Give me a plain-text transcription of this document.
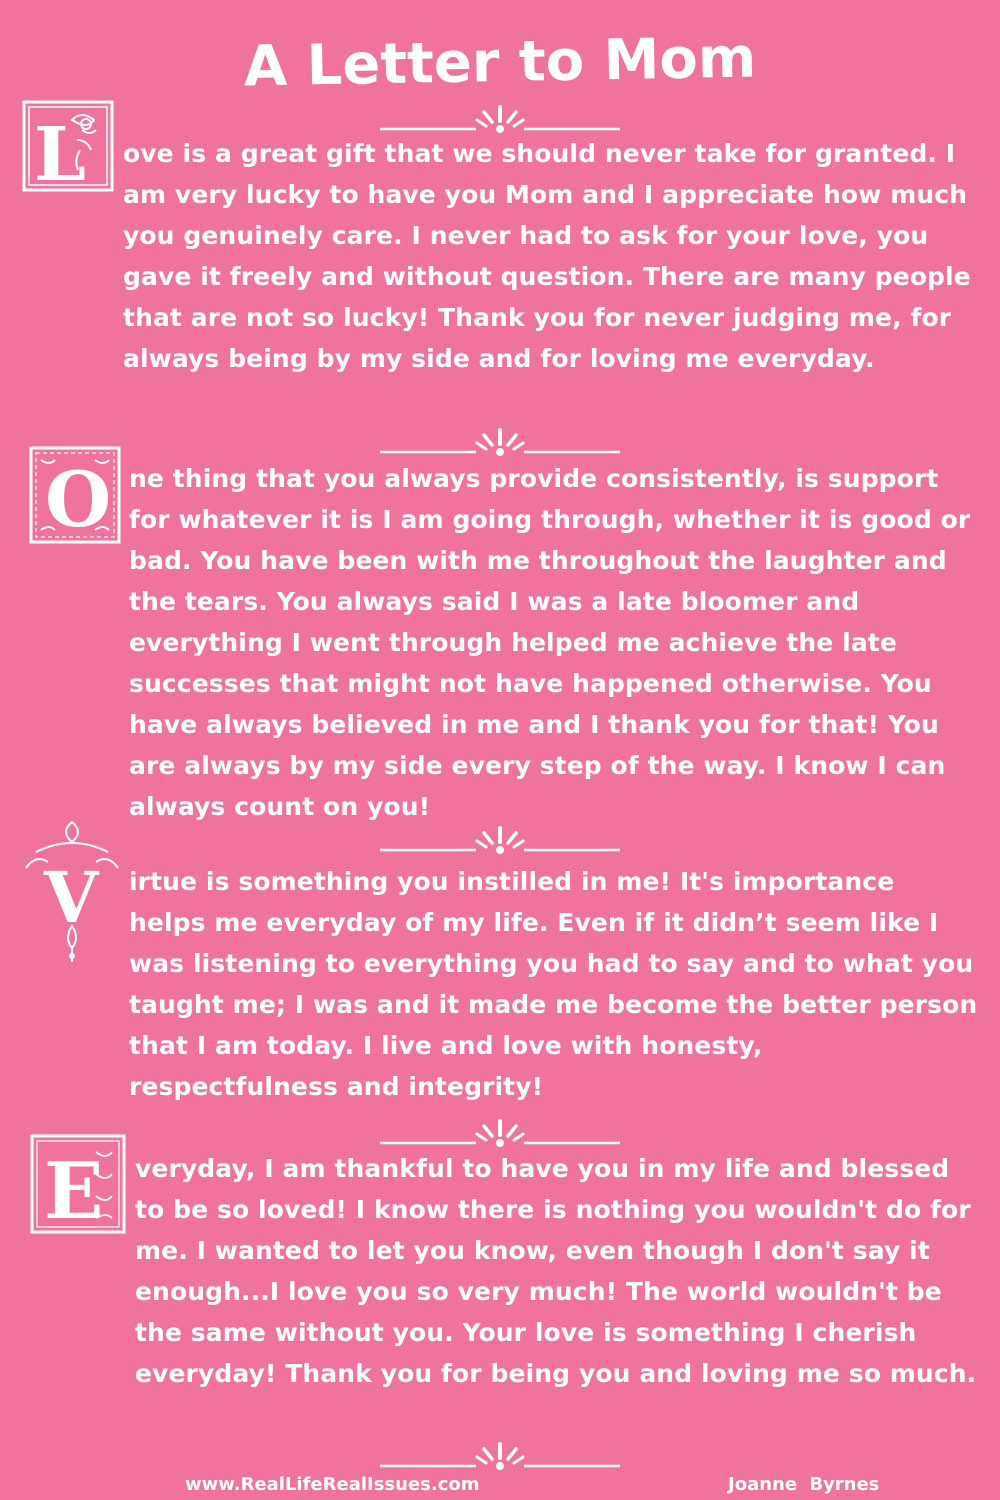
A Letter to Mom
L ove is a great gift that we should never take for granted. I am very lucky to have you Mom and I appreciate how much you genuinely care. I never had to ask for your love, you gave it freely and without question. There are many people that are not so lucky! Thank you for never judging me, for always being by my side and for loving me everyday.

O ne thing that you always provide consistently, is support for whatever it is I am going through, whether it is good or bad. You have been with me throughout the laughter and the tears. You always said I was a late bloomer and everything I went through helped me achieve the late successes that might not have happened otherwise. You have always believed in me and I thank you for that! You are always by my side every step of the way. I know I can always count on you!

V irtue is something you instilled in me! It's importance helps me everyday of my life. Even if it didn’t seem like I was listening to everything you had to say and to what you taught me; I was and it made me become the better person that I am today. I live and love with honesty, respectfulness and integrity!

E veryday, I am thankful to have you in my life and blessed to be so loved! I know there is nothing you wouldn't do for me. I wanted to let you know, even though I don't say it enough...I love you so very much! The world wouldn't be the same without you. Your love is something I cherish everyday! Thank you for being you and loving me so much.

www.RealLifeRealIssues.com	Joanne Byrnes
